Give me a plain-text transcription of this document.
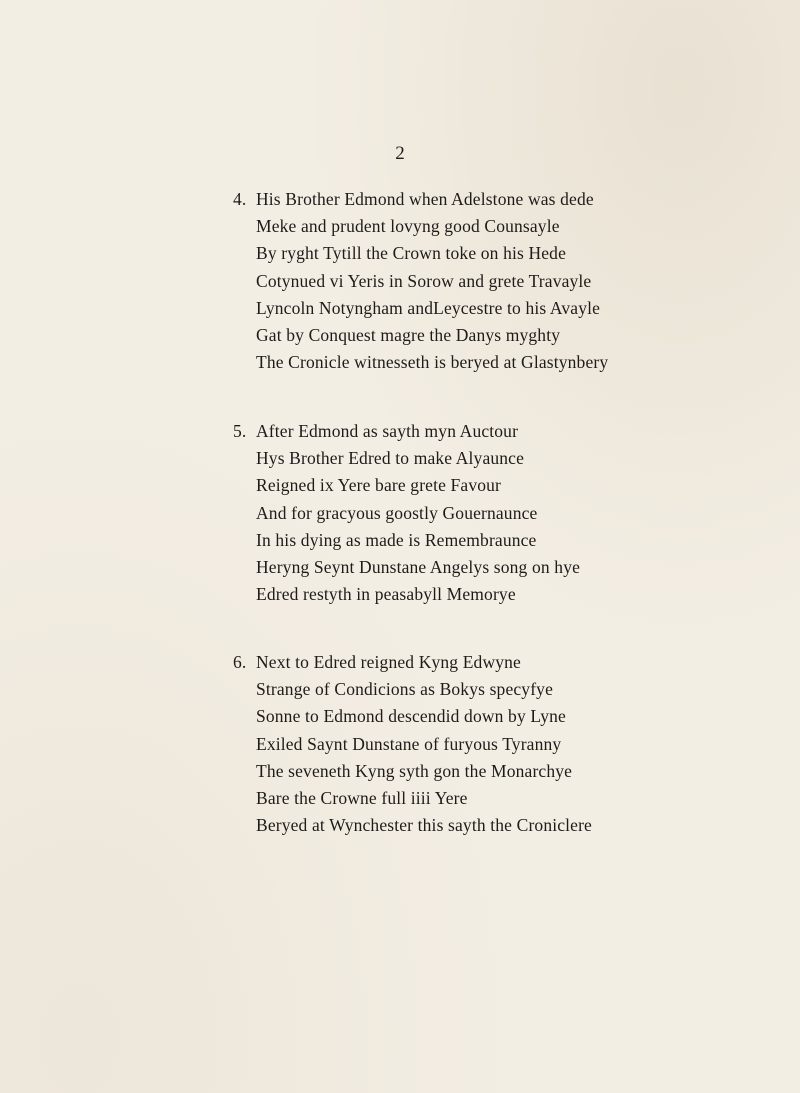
2
4. His Brother Edmond when Adelstone was dede
Meke and prudent lovyng good Counsayle
By ryght Tytill the Crown toke on his Hede
Cotynued vi Yeris in Sorow and grete Travayle
Lyncoln Notyngham andLeycestre to his Avayle
Gat by Conquest magre the Danys myghty
The Cronicle witnesseth is beryed at Glastynbery
5. After Edmond as sayth myn Auctour
Hys Brother Edred to make Alyaunce
Reigned ix Yere bare grete Favour
And for gracyous goostly Gouernaunce
In his dying as made is Remembraunce
Heryng Seynt Dunstane Angelys song on hye
Edred restyth in peasabyll Memorye
6. Next to Edred reigned Kyng Edwyne
Strange of Condicions as Bokys specyfye
Sonne to Edmond descendid down by Lyne
Exiled Saynt Dunstane of furyous Tyranny
The seveneth Kyng syth gon the Monarchye
Bare the Crowne full iiii Yere
Beryed at Wynchester this sayth the Croniclere
